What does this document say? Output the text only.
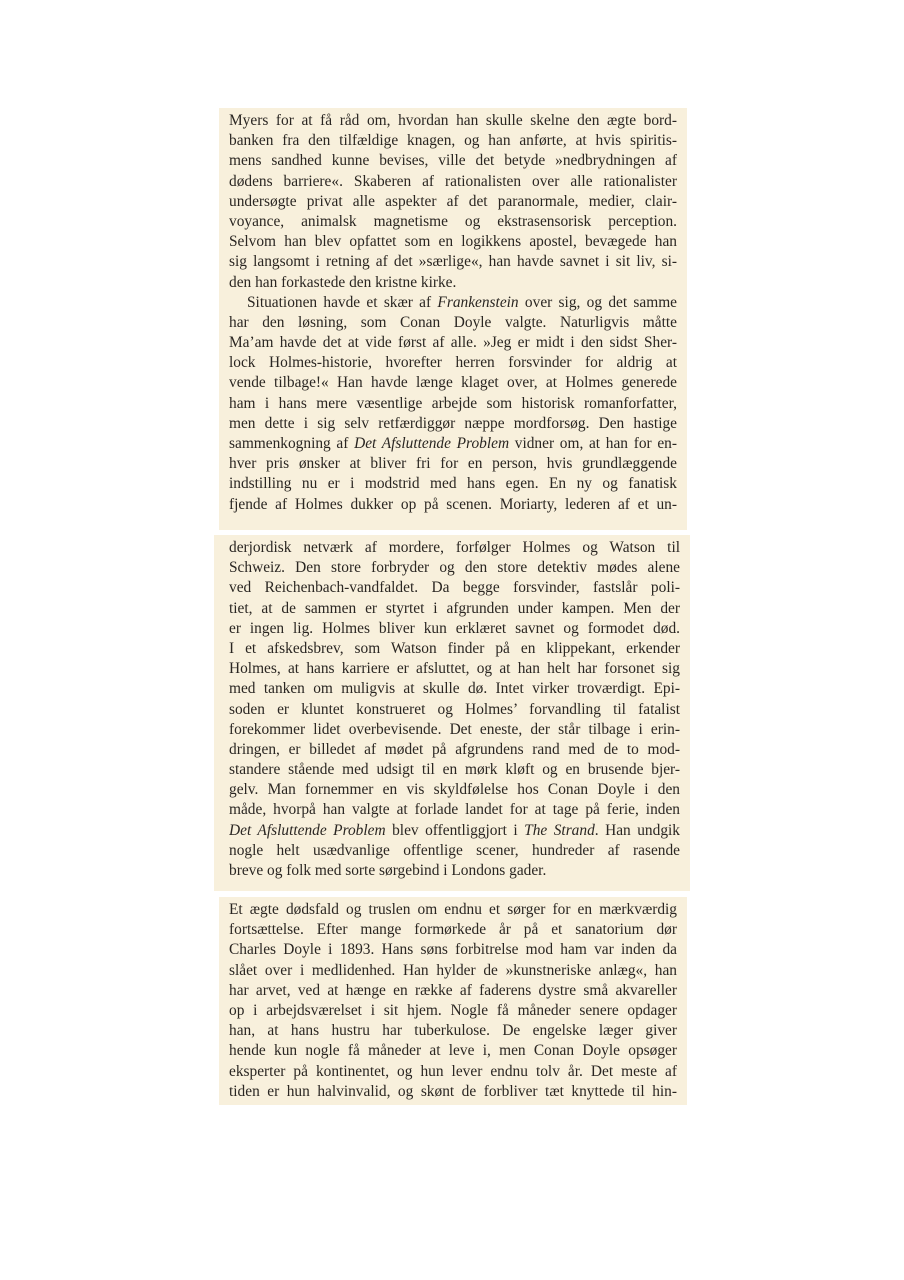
Myers for at få råd om, hvordan han skulle skelne den ægte bord-
banken fra den tilfældige knagen, og han anførte, at hvis spiritis-
mens sandhed kunne bevises, ville det betyde »nedbrydningen af
dødens barriere«. Skaberen af rationalisten over alle rationalister
undersøgte privat alle aspekter af det paranormale, medier, clair-
voyance, animalsk magnetisme og ekstrasensorisk perception.
Selvom han blev opfattet som en logikkens apostel, bevægede han
sig langsomt i retning af det »særlige«, han havde savnet i sit liv, si-
den han forkastede den kristne kirke.
Situationen havde et skær af Frankenstein over sig, og det samme
har den løsning, som Conan Doyle valgte. Naturligvis måtte
Ma’am havde det at vide først af alle. »Jeg er midt i den sidst Sher-
lock Holmes-historie, hvorefter herren forsvinder for aldrig at
vende tilbage!« Han havde længe klaget over, at Holmes generede
ham i hans mere væsentlige arbejde som historisk romanforfatter,
men dette i sig selv retfærdiggør næppe mordforsøg. Den hastige
sammenkogning af Det Afsluttende Problem vidner om, at han for en-
hver pris ønsker at bliver fri for en person, hvis grundlæggende
indstilling nu er i modstrid med hans egen. En ny og fanatisk
fjende af Holmes dukker op på scenen. Moriarty, lederen af et un-
derjordisk netværk af mordere, forfølger Holmes og Watson til
Schweiz. Den store forbryder og den store detektiv mødes alene
ved Reichenbach-vandfaldet. Da begge forsvinder, fastslår poli-
tiet, at de sammen er styrtet i afgrunden under kampen. Men der
er ingen lig. Holmes bliver kun erklæret savnet og formodet død.
I et afskedsbrev, som Watson finder på en klippekant, erkender
Holmes, at hans karriere er afsluttet, og at han helt har forsonet sig
med tanken om muligvis at skulle dø. Intet virker troværdigt. Epi-
soden er kluntet konstrueret og Holmes’ forvandling til fatalist
forekommer lidet overbevisende. Det eneste, der står tilbage i erin-
dringen, er billedet af mødet på afgrundens rand med de to mod-
standere stående med udsigt til en mørk kløft og en brusende bjer-
gelv. Man fornemmer en vis skyldfølelse hos Conan Doyle i den
måde, hvorpå han valgte at forlade landet for at tage på ferie, inden
Det Afsluttende Problem blev offentliggjort i The Strand. Han undgik
nogle helt usædvanlige offentlige scener, hundreder af rasende
breve og folk med sorte sørgebind i Londons gader.
Et ægte dødsfald og truslen om endnu et sørger for en mærkværdig
fortsættelse. Efter mange formørkede år på et sanatorium dør
Charles Doyle i 1893. Hans søns forbitrelse mod ham var inden da
slået over i medlidenhed. Han hylder de »kunstneriske anlæg«, han
har arvet, ved at hænge en række af faderens dystre små akvareller
op i arbejdsværelset i sit hjem. Nogle få måneder senere opdager
han, at hans hustru har tuberkulose. De engelske læger giver
hende kun nogle få måneder at leve i, men Conan Doyle opsøger
eksperter på kontinentet, og hun lever endnu tolv år. Det meste af
tiden er hun halvinvalid, og skønt de forbliver tæt knyttede til hin-
